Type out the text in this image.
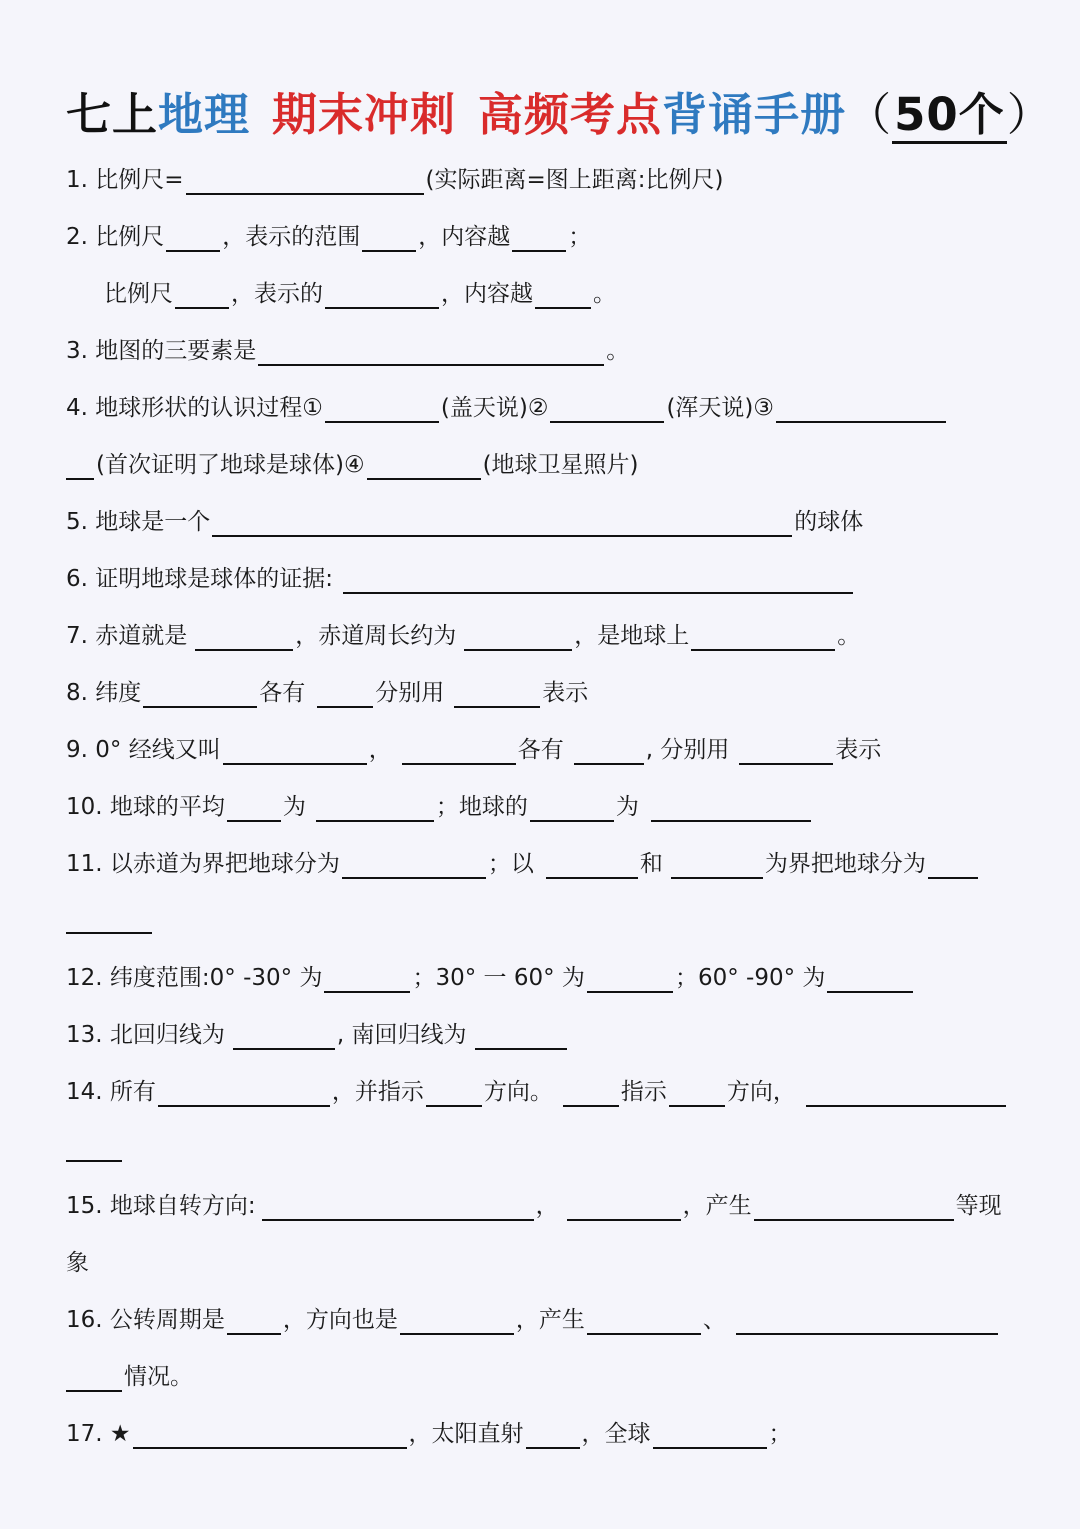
七上地理 期末冲刺 高频考点背诵手册（50个）
1. 比例尺=	(实际距离=图上距离:比例尺)
2. 比例尺	，表示的范围	，内容越	；
比例尺	，表示的	，内容越	。
3. 地图的三要素是	。
4. 地球形状的认识过程①	(盖天说)②	(浑天说)③
(首次证明了地球是球体)④	(地球卫星照片)
5. 地球是一个	的球体
6. 证明地球是球体的证据:
7. 赤道就是	，赤道周长约为	，是地球上	。
8. 纬度	各有	分别用	表示
9. 0° 经线又叫	，	各有	, 分别用	表示
10. 地球的平均	为	；地球的	为
11. 以赤道为界把地球分为	；以	和	为界把地球分为
12. 纬度范围:0° -30° 为	；30° 一 60° 为	；60° -90° 为
13. 北回归线为	, 南回归线为
14. 所有	，并指示	方向。	指示	方向，
15. 地球自转方向:	，	，产生	等现
象
16. 公转周期是	，方向也是	，产生	、
情况。
17. ★	，太阳直射	，全球	；
